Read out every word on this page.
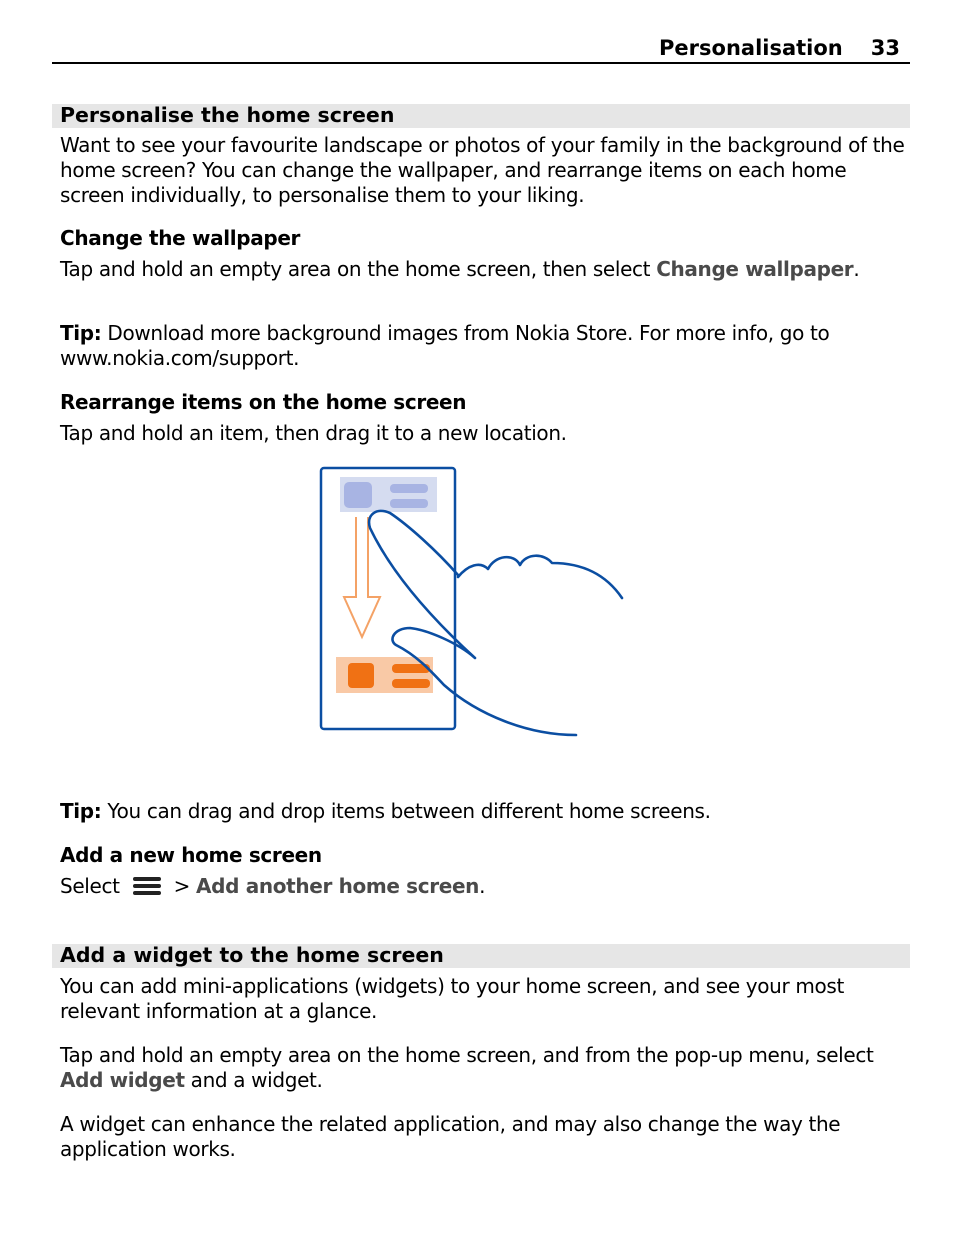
Personalisation 33
Personalise the home screen

Want to see your favourite landscape or photos of your family in the background of the home screen? You can change the wallpaper, and rearrange items on each home screen individually, to personalise them to your liking.

Change the wallpaper

Tap and hold an empty area on the home screen, then select Change wallpaper.

Tip: Download more background images from Nokia Store. For more info, go to www.nokia.com/support.

Rearrange items on the home screen

Tap and hold an item, then drag it to a new location.

Tip: You can drag and drop items between different home screens.

Add a new home screen

Select  > Add another home screen.

Add a widget to the home screen

You can add mini-applications (widgets) to your home screen, and see your most relevant information at a glance.

Tap and hold an empty area on the home screen, and from the pop-up menu, select Add widget and a widget.

A widget can enhance the related application, and may also change the way the application works.
